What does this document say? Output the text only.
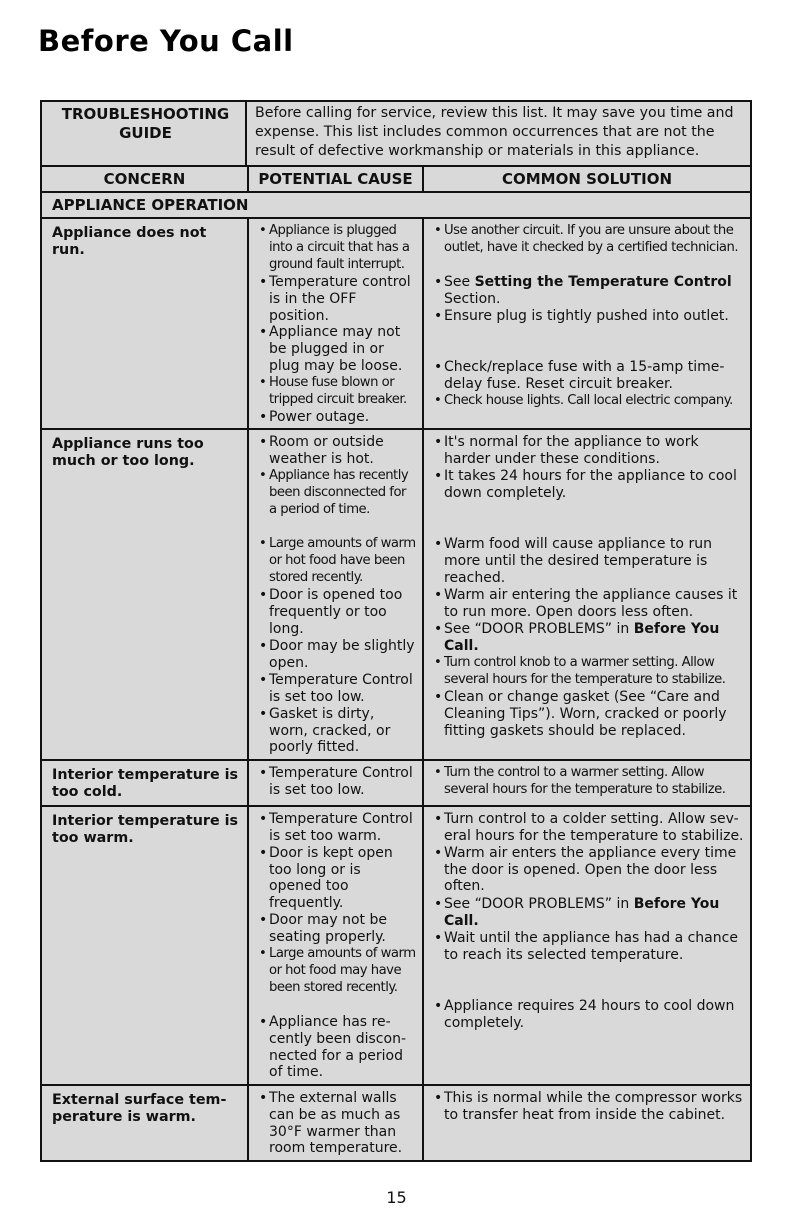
Before You Call
TROUBLESHOOTING GUIDE
Before calling for service, review this list. It may save you time and expense. This list includes common occurrences that are not the result of defective workmanship or materials in this appliance.
CONCERN	POTENTIAL CAUSE	COMMON SOLUTION
APPLIANCE OPERATION
Appliance does not run.
• Appliance is plugged into a circuit that has a ground fault interrupt.
• Temperature control is in the OFF position.
• Appliance may not be plugged in or plug may be loose.
• House fuse blown or tripped circuit breaker.
• Power outage.
• Use another circuit. If you are unsure about the outlet, have it checked by a certified technician.
• See Setting the Temperature Control Section.
• Ensure plug is tightly pushed into outlet.
• Check/replace fuse with a 15-amp time-delay fuse. Reset circuit breaker.
• Check house lights. Call local electric company.
Appliance runs too much or too long.
• Room or outside weather is hot.
• Appliance has recently been disconnected for a period of time.
• Large amounts of warm or hot food have been stored recently.
• Door is opened too frequently or too long.
• Door may be slightly open.
• Temperature Control is set too low.
• Gasket is dirty, worn, cracked, or poorly fitted.
• It's normal for the appliance to work harder under these conditions.
• It takes 24 hours for the appliance to cool down completely.
• Warm food will cause appliance to run more until the desired temperature is reached.
• Warm air entering the appliance causes it to run more. Open doors less often.
• See “DOOR PROBLEMS” in Before You Call.
• Turn control knob to a warmer setting. Allow several hours for the temperature to stabilize.
• Clean or change gasket (See “Care and Cleaning Tips”). Worn, cracked or poorly fitting gaskets should be replaced.
Interior temperature is too cold.
• Temperature Control is set too low.
• Turn the control to a warmer setting. Allow several hours for the temperature to stabilize.
Interior temperature is too warm.
• Temperature Control is set too warm.
• Door is kept open too long or is opened too frequently.
• Door may not be seating properly.
• Large amounts of warm or hot food may have been stored recently.
• Appliance has re-cently been discon-nected for a period of time.
• Turn control to a colder setting. Allow sev-eral hours for the temperature to stabilize.
• Warm air enters the appliance every time the door is opened. Open the door less often.
• See “DOOR PROBLEMS” in Before You Call.
• Wait until the appliance has had a chance to reach its selected temperature.
• Appliance requires 24 hours to cool down completely.
External surface tem-perature is warm.
• The external walls can be as much as 30°F warmer than room temperature.
• This is normal while the compressor works to transfer heat from inside the cabinet.
15
